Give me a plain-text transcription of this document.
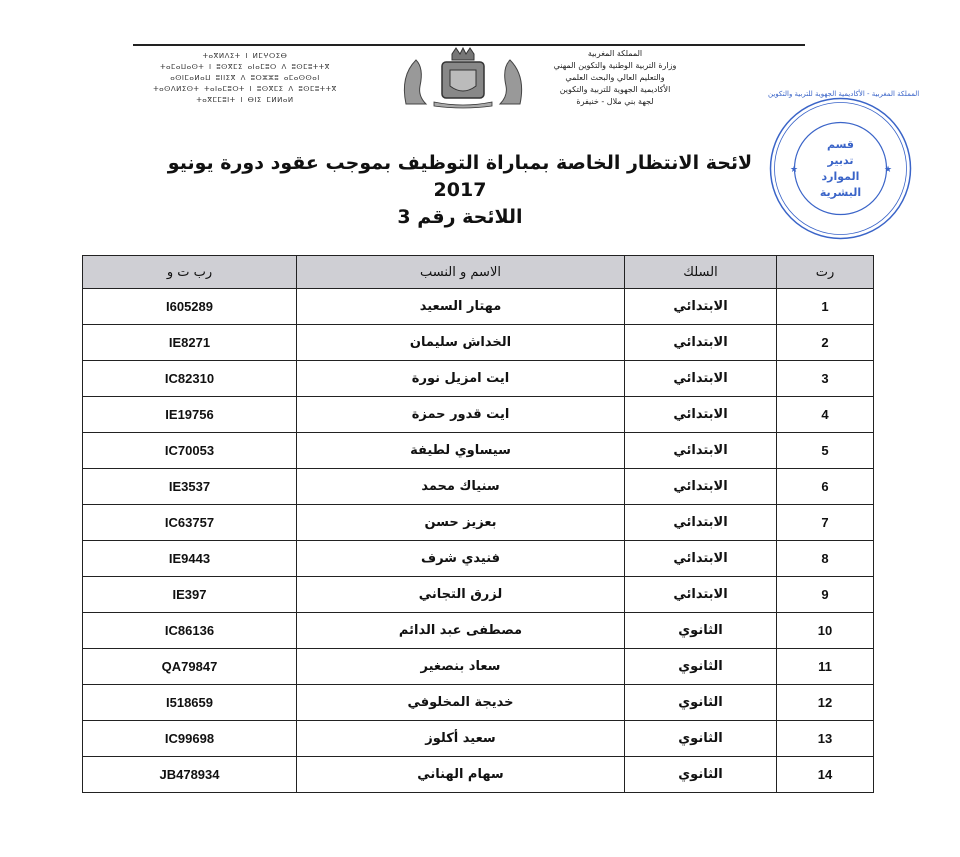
ⵜⴰⴳⵍⴷⵉⵜ ⵏ ⵍⵎⵖⵔⵉⴱ
ⵜⴰⵎⴰⵡⴰⵙⵜ ⵏ ⵓⵙⴳⵎⵉ ⴰⵏⴰⵎⵓⵔ ⴷ ⵓⵙⵎⵓⵜⵜⴳ
ⴰⵙⵏⵎⴰⵍⴰⵡ ⵓⵏⵏⵉⴳ ⴷ ⵓⵔⵣⵣⵓ ⴰⵎⴰⵙⵙⴰⵏ
ⵜⴰⵙⴷⵍⵉⵙⵜ ⵜⴰⵏⴰⵎⵓⵔⵜ ⵏ ⵓⵙⴳⵎⵉ ⴷ ⵓⵙⵎⵓⵜⵜⴳ
ⵜⴰⴳⵎⵎⵓⵏⵜ ⵏ ⴱⵏⵉ ⵎⵍⵍⴰⵍ
المملكة المغربية
وزارة التربية الوطنية والتكوين المهني
والتعليم العالي والبحث العلمي
الأكاديمية الجهوية للتربية والتكوين
لجهة بني ملال - خنيفرة
المملكة المغربية - الأكاديمية الجهوية للتربية والتكوين
★	★
قسم
تدبير
الموارد
البشرية
لائحة الانتظار الخاصة بمباراة التوظيف بموجب عقود دورة يونيو 2017
اللائحة رقم 3
رت	السلك	الاسم و النسب	رب ت و
1	الابتدائي	مهتار السعيد	I605289
2	الابتدائي	الخداش سليمان	IE8271
3	الابتدائي	ايت امزيل نورة	IC82310
4	الابتدائي	ايت قدور حمزة	IE19756
5	الابتدائي	سيساوي لطيفة	IC70053
6	الابتدائي	سنياك محمد	IE3537
7	الابتدائي	بعزيز حسن	IC63757
8	الابتدائي	فنيدي شرف	IE9443
9	الابتدائي	لزرق التجاني	IE397
10	الثانوي	مصطفى عبد الدائم	IC86136
11	الثانوي	سعاد بنصغير	QA79847
12	الثانوي	خديجة المخلوفي	I518659
13	الثانوي	سعيد أكلوز	IC99698
14	الثانوي	سهام الهناني	JB478934
